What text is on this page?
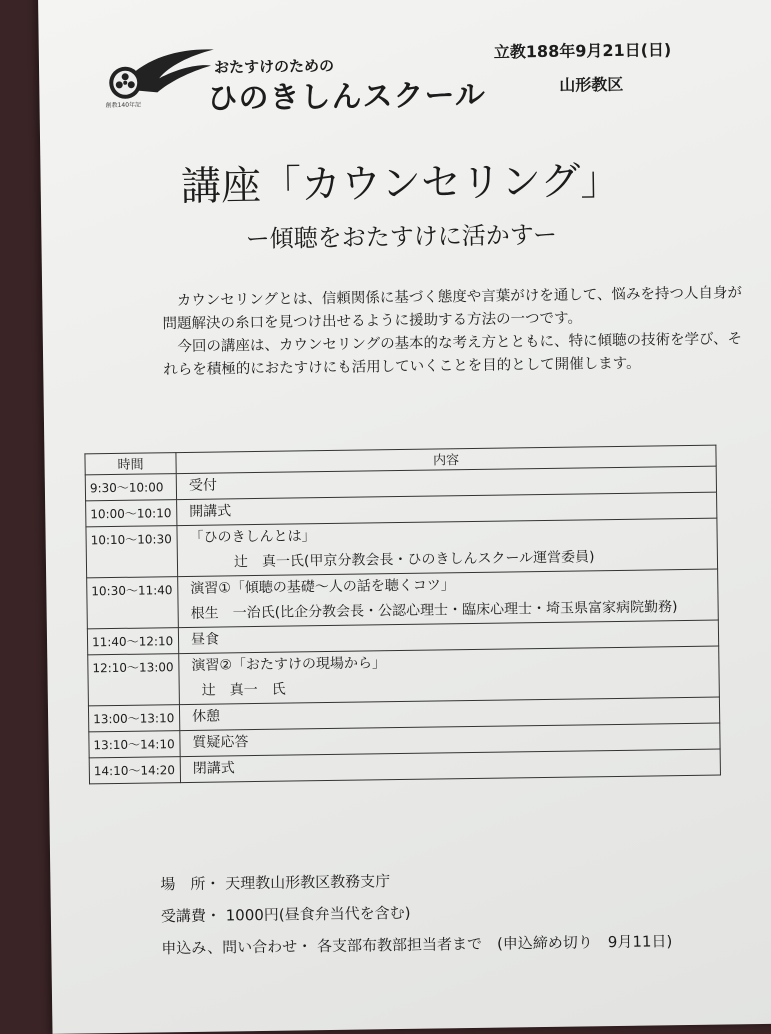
創教140年記
おたすけのための
ひのきしんスクール
立教188年9月21日(日)
山形教区
講座「カウンセリング」
ー傾聴をおたすけに活かすー

カウンセリングとは、信頼関係に基づく態度や言葉がけを通して、悩みを持つ人自身が問題解決の糸口を見つけ出せるように援助する方法の一つです。

今回の講座は、カウンセリングの基本的な考え方とともに、特に傾聴の技術を学び、それらを積極的におたすけにも活用していくことを目的として開催します。

時間	内容
9:30～10:00	受付

10:00～10:10	開講式

10:10～10:30	「ひのきしんとは」
辻　真一氏(甲京分教会長・ひのきしんスクール運営委員)

10:30～11:40	演習①「傾聴の基礎～人の話を聴くコツ」
根生　一治氏(比企分教会長・公認心理士・臨床心理士・埼玉県富家病院勤務)

11:40～12:10	昼食

12:10～13:00	演習②「おたすけの現場から」
辻　真一　氏

13:00～13:10	休憩

13:10～14:10	質疑応答

14:10～14:20	閉講式
場　所・ 天理教山形教区教務支庁
受講費・ 1000円(昼食弁当代を含む)
申込み、問い合わせ・ 各支部布教部担当者まで　(申込締め切り　9月11日)
